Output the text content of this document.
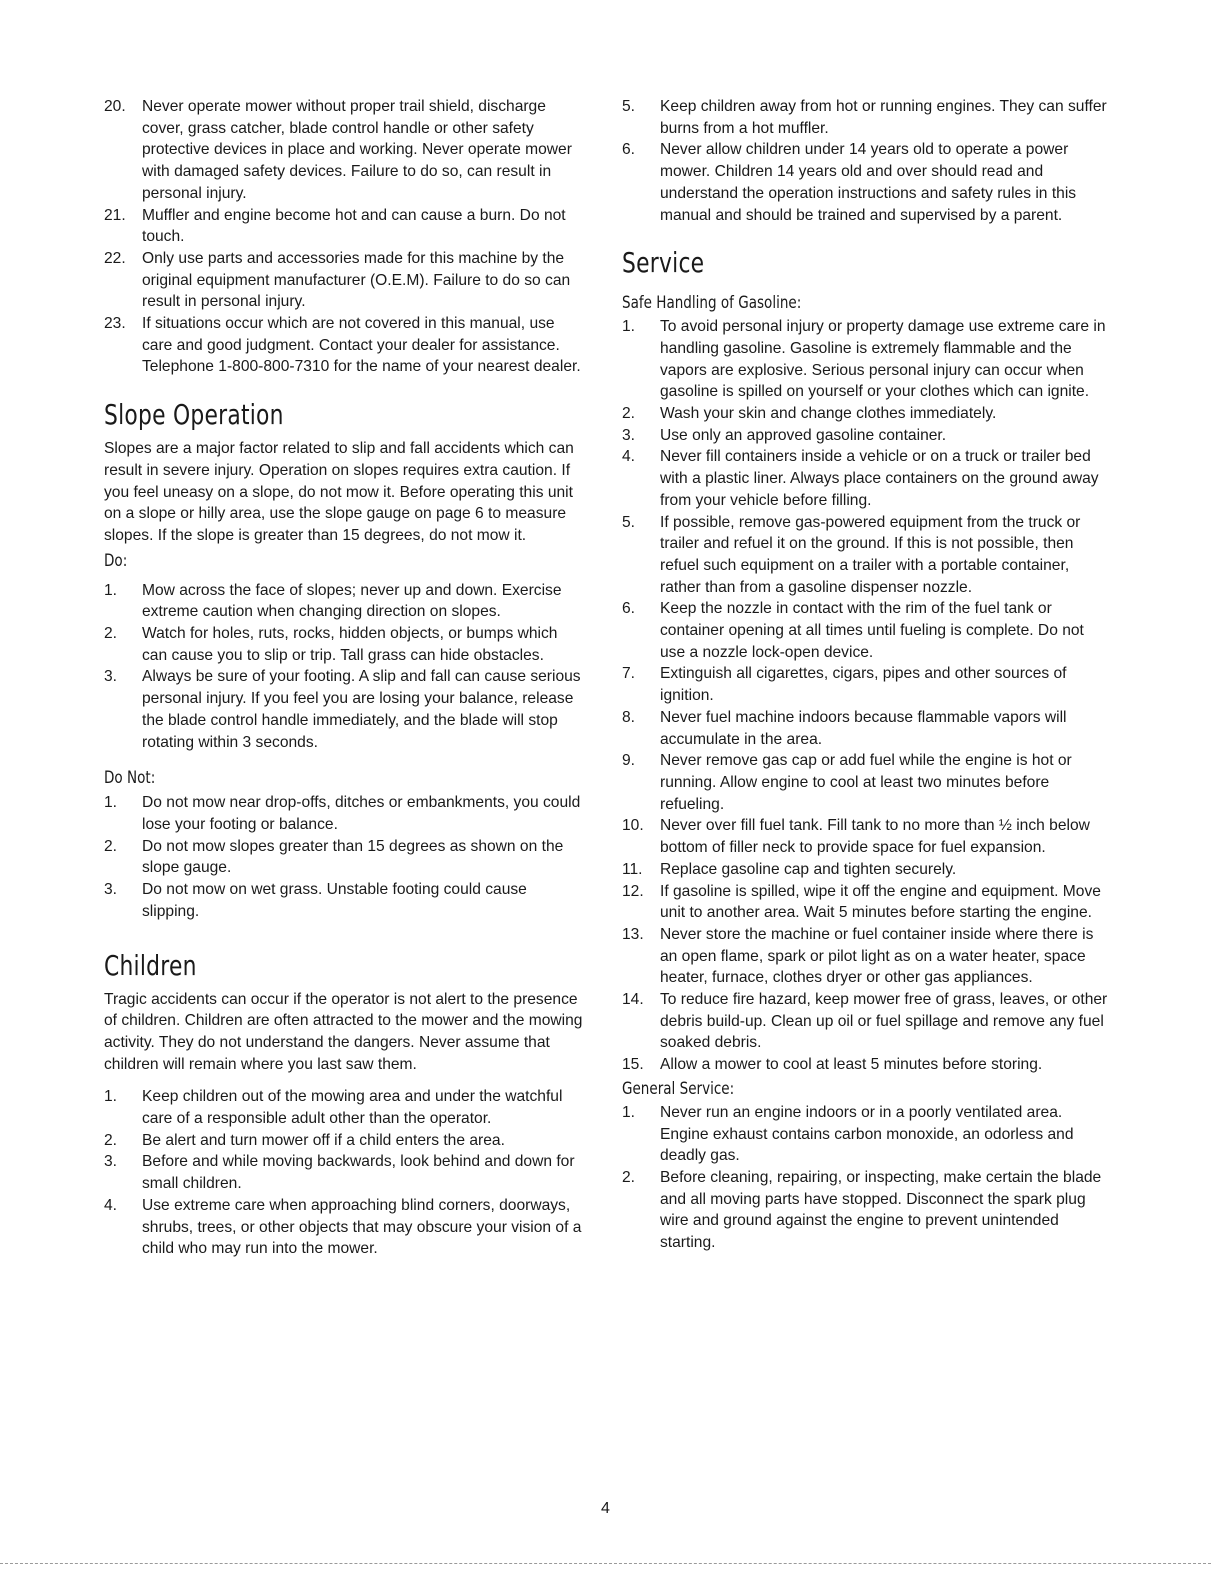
20. Never operate mower without proper trail shield, discharge cover, grass catcher, blade control handle or other safety protective devices in place and working. Never operate mower with damaged safety devices. Failure to do so, can result in personal injury.
21. Muffler and engine become hot and can cause a burn. Do not touch.
22. Only use parts and accessories made for this machine by the original equipment manufacturer (O.E.M). Failure to do so can result in personal injury.
23. If situations occur which are not covered in this manual, use care and good judgment. Contact your dealer for assistance. Telephone 1-800-800-7310 for the name of your nearest dealer.
Slope Operation

Slopes are a major factor related to slip and fall accidents which can result in severe injury. Operation on slopes requires extra caution. If you feel uneasy on a slope, do not mow it. Before operating this unit on a slope or hilly area, use the slope gauge on page 6 to measure slopes. If the slope is greater than 15 degrees, do not mow it.

Do:
1. Mow across the face of slopes; never up and down. Exercise extreme caution when changing direction on slopes.
2. Watch for holes, ruts, rocks, hidden objects, or bumps which can cause you to slip or trip. Tall grass can hide obstacles.
3. Always be sure of your footing. A slip and fall can cause serious personal injury. If you feel you are losing your balance, release the blade control handle immediately, and the blade will stop rotating within 3 seconds.
Do Not:
1. Do not mow near drop-offs, ditches or embankments, you could lose your footing or balance.
2. Do not mow slopes greater than 15 degrees as shown on the slope gauge.
3. Do not mow on wet grass. Unstable footing could cause slipping.
Children

Tragic accidents can occur if the operator is not alert to the presence of children. Children are often attracted to the mower and the mowing activity. They do not understand the dangers. Never assume that children will remain where you last saw them.

1. Keep children out of the mowing area and under the watchful care of a responsible adult other than the operator.
2. Be alert and turn mower off if a child enters the area.
3. Before and while moving backwards, look behind and down for small children.
4. Use extreme care when approaching blind corners, doorways, shrubs, trees, or other objects that may obscure your vision of a child who may run into the mower.
5. Keep children away from hot or running engines. They can suffer burns from a hot muffler.
6. Never allow children under 14 years old to operate a power mower. Children 14 years old and over should read and understand the operation instructions and safety rules in this manual and should be trained and supervised by a parent.
Service
Safe Handling of Gasoline:
1. To avoid personal injury or property damage use extreme care in handling gasoline. Gasoline is extremely flammable and the vapors are explosive. Serious personal injury can occur when gasoline is spilled on yourself or your clothes which can ignite.
2. Wash your skin and change clothes immediately.
3. Use only an approved gasoline container.
4. Never fill containers inside a vehicle or on a truck or trailer bed with a plastic liner. Always place containers on the ground away from your vehicle before filling.
5. If possible, remove gas-powered equipment from the truck or trailer and refuel it on the ground. If this is not possible, then refuel such equipment on a trailer with a portable container, rather than from a gasoline dispenser nozzle.
6. Keep the nozzle in contact with the rim of the fuel tank or container opening at all times until fueling is complete. Do not use a nozzle lock-open device.
7. Extinguish all cigarettes, cigars, pipes and other sources of ignition.
8. Never fuel machine indoors because flammable vapors will accumulate in the area.
9. Never remove gas cap or add fuel while the engine is hot or running. Allow engine to cool at least two minutes before refueling.
10. Never over fill fuel tank. Fill tank to no more than ½ inch below bottom of filler neck to provide space for fuel expansion.
11. Replace gasoline cap and tighten securely.
12. If gasoline is spilled, wipe it off the engine and equipment. Move unit to another area. Wait 5 minutes before starting the engine.
13. Never store the machine or fuel container inside where there is an open flame, spark or pilot light as on a water heater, space heater, furnace, clothes dryer or other gas appliances.
14. To reduce fire hazard, keep mower free of grass, leaves, or other debris build-up. Clean up oil or fuel spillage and remove any fuel soaked debris.
15. Allow a mower to cool at least 5 minutes before storing.
General Service:
1. Never run an engine indoors or in a poorly ventilated area. Engine exhaust contains carbon monoxide, an odorless and deadly gas.
2. Before cleaning, repairing, or inspecting, make certain the blade and all moving parts have stopped. Disconnect the spark plug wire and ground against the engine to prevent unintended starting.
4
